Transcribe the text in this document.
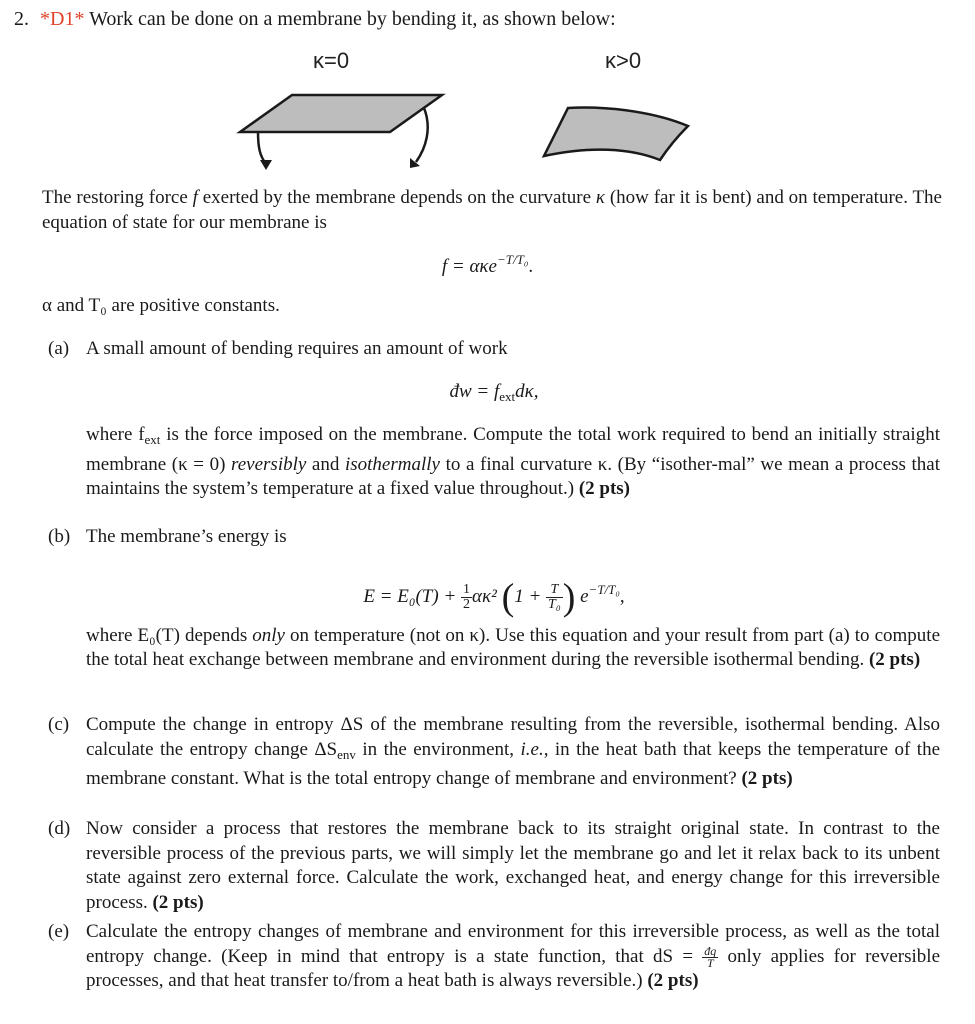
2. *D1* Work can be done on a membrane by bending it, as shown below:
κ=0	κ>0
The restoring force f exerted by the membrane depends on the curvature κ (how far it is bent) and on temperature. The equation of state for our membrane is
f = ακe$^{-T/T_0}$.
α and T₀ are positive constants.
(a) A small amount of bending requires an amount of work
đw = $f_{ext}d\kappa$,
where $f_{ext}$ is the force imposed on the membrane. Compute the total work required to bend an initially straight membrane (κ = 0) reversibly and isothermally to a final curvature κ. (By “isother-mal” we mean a process that maintains the system’s temperature at a fixed value throughout.) (2 pts)
(b) The membrane’s energy is
$E = E_0(T) + \frac{1}{2} \alpha\kappa^2$ ($1 + \frac{T}{\text{T₀}}$ ) $e^{-T/T_0}$,
where E₀(T) depends only on temperature (not on κ). Use this equation and your result from part (a) to compute the total heat exchange between membrane and environment during the reversible isothermal bending. (2 pts)
(c) Compute the change in entropy ΔS of the membrane resulting from the reversible, isothermal bending. Also calculate the entropy change $\Delta S_{env}$ in the environment, i.e., in the heat bath that keeps the temperature of the membrane constant. What is the total entropy change of membrane and environment? (2 pts)
(d) Now consider a process that restores the membrane back to its straight original state. In contrast to the reversible process of the previous parts, we will simply let the membrane go and let it relax back to its unbent state against zero external force. Calculate the work, exchanged heat, and energy change for this irreversible process. (2 pts)
(e) Calculate the entropy changes of membrane and environment for this irreversible process, as well as the total entropy change. (Keep in mind that entropy is a state function, that dS = $\frac{đq}{T}$ only applies for reversible processes, and that heat transfer to/from a heat bath is always reversible.) (2 pts)
